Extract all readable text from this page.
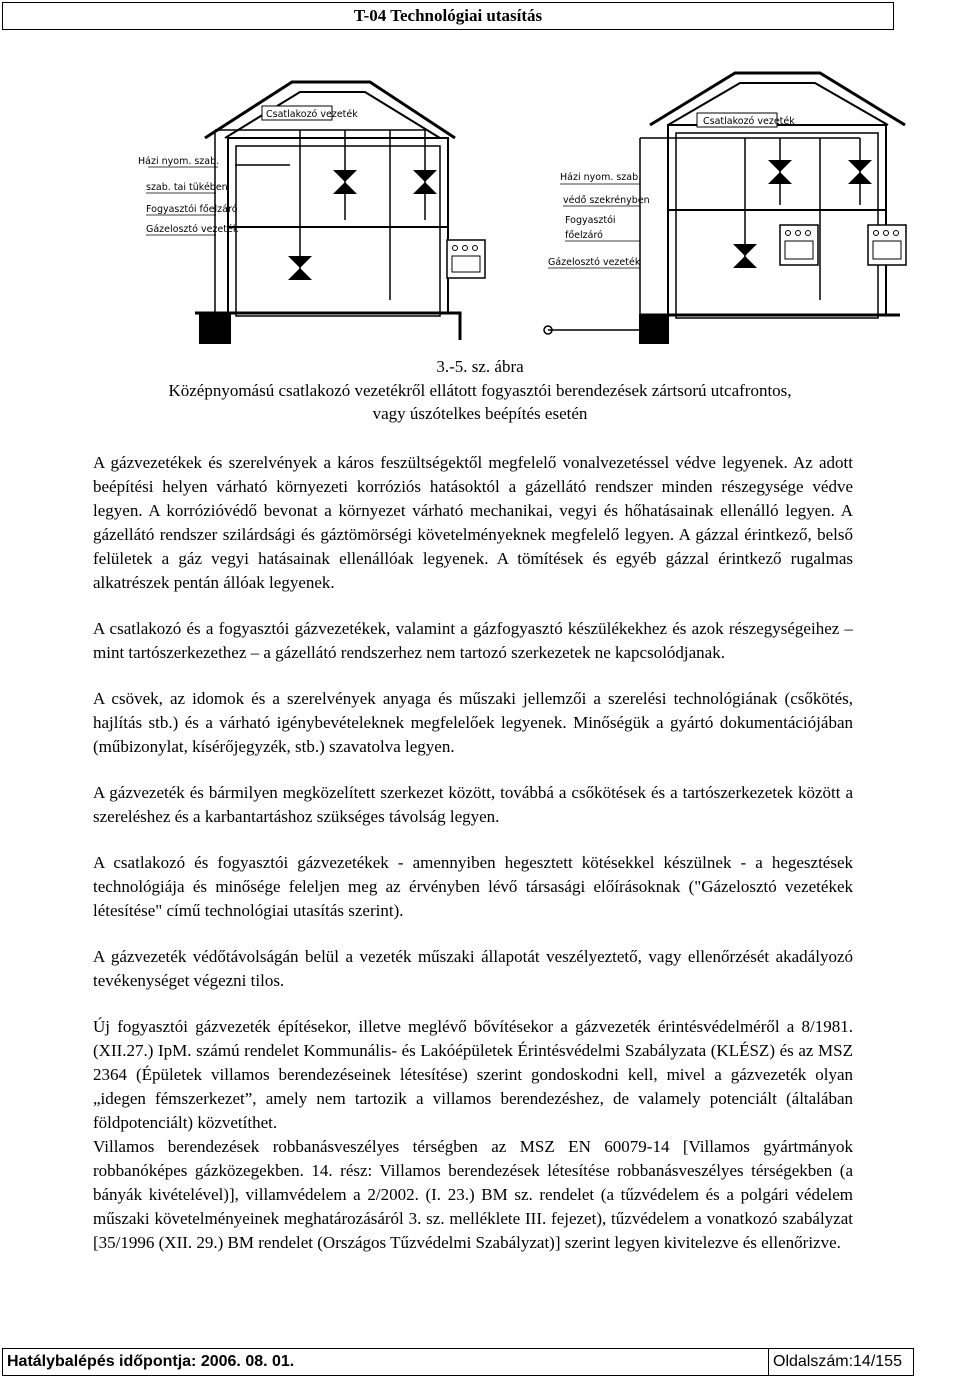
T-04 Technológiai utasítás
Csatlakozó vezeték
Házi nyom. szab.
szab. tai tükében
Fogyasztói főelzáró
Gázelosztó vezeték
Csatlakozó vezeték
Házi nyom. szab.
védő szekrényben
Fogyasztói
főelzáró
Gázelosztó vezeték
3.-5. sz. ábra
Középnyomású csatlakozó vezetékről ellátott fogyasztói berendezések zártsorú utcafrontos,
vagy úszótelkes beépítés esetén

A gázvezetékek és szerelvények a káros feszültségektől megfelelő vonalvezetéssel védve legyenek. Az adott beépítési helyen várható környezeti korróziós hatásoktól a gázellátó rendszer minden részegysége védve legyen. A korrózióvédő bevonat a környezet várható mechanikai, vegyi és hőhatásainak ellenálló legyen. A gázellátó rendszer szilárdsági és gáztömörségi követelményeknek megfelelő legyen. A gázzal érintkező, belső felületek a gáz vegyi hatásainak ellenállóak legyenek. A tömítések és egyéb gázzal érintkező rugalmas alkatrészek pentán állóak legyenek.

A csatlakozó és a fogyasztói gázvezetékek, valamint a gázfogyasztó készülékekhez és azok részegységeihez – mint tartószerkezethez – a gázellátó rendszerhez nem tartozó szerkezetek ne kapcsolódjanak.

A csövek, az idomok és a szerelvények anyaga és műszaki jellemzői a szerelési technológiának (csőkötés, hajlítás stb.) és a várható igénybevételeknek megfelelőek legyenek. Minőségük a gyártó dokumentációjában (műbizonylat, kísérőjegyzék, stb.) szavatolva legyen.

A gázvezeték és bármilyen megközelített szerkezet között, továbbá a csőkötések és a tartószerkezetek között a szereléshez és a karbantartáshoz szükséges távolság legyen.

A csatlakozó és fogyasztói gázvezetékek - amennyiben hegesztett kötésekkel készülnek - a hegesztések technológiája és minősége feleljen meg az érvényben lévő társasági előírásoknak ("Gázelosztó vezetékek létesítése" című technológiai utasítás szerint).

A gázvezeték védőtávolságán belül a vezeték műszaki állapotát veszélyeztető, vagy ellenőrzését akadályozó tevékenységet végezni tilos.

Új fogyasztói gázvezeték építésekor, illetve meglévő bővítésekor a gázvezeték érintésvédelméről a 8/1981.(XII.27.) IpM. számú rendelet Kommunális- és Lakóépületek Érintésvédelmi Szabályzata (KLÉSZ) és az MSZ 2364 (Épületek villamos berendezéseinek létesítése) szerint gondoskodni kell, mivel a gázvezeték olyan „idegen fémszerkezet”, amely nem tartozik a villamos berendezéshez, de valamely potenciált (általában földpotenciált) közvetíthet.

Villamos berendezések robbanásveszélyes térségben az MSZ EN 60079-14 [Villamos gyártmányok robbanóképes gázközegekben. 14. rész: Villamos berendezések létesítése robbanásveszélyes térségekben (a bányák kivételével)], villamvédelem a 2/2002. (I. 23.) BM sz. rendelet (a tűzvédelem és a polgári védelem műszaki követelményeinek meghatározásáról 3. sz. melléklete III. fejezet), tűzvédelem a vonatkozó szabályzat [35/1996 (XII. 29.) BM rendelet (Országos Tűzvédelmi Szabályzat)] szerint legyen kivitelezve és ellenőrizve.

Hatálybalépés időpontja: 2006. 08. 01.	Oldalszám:14/155
